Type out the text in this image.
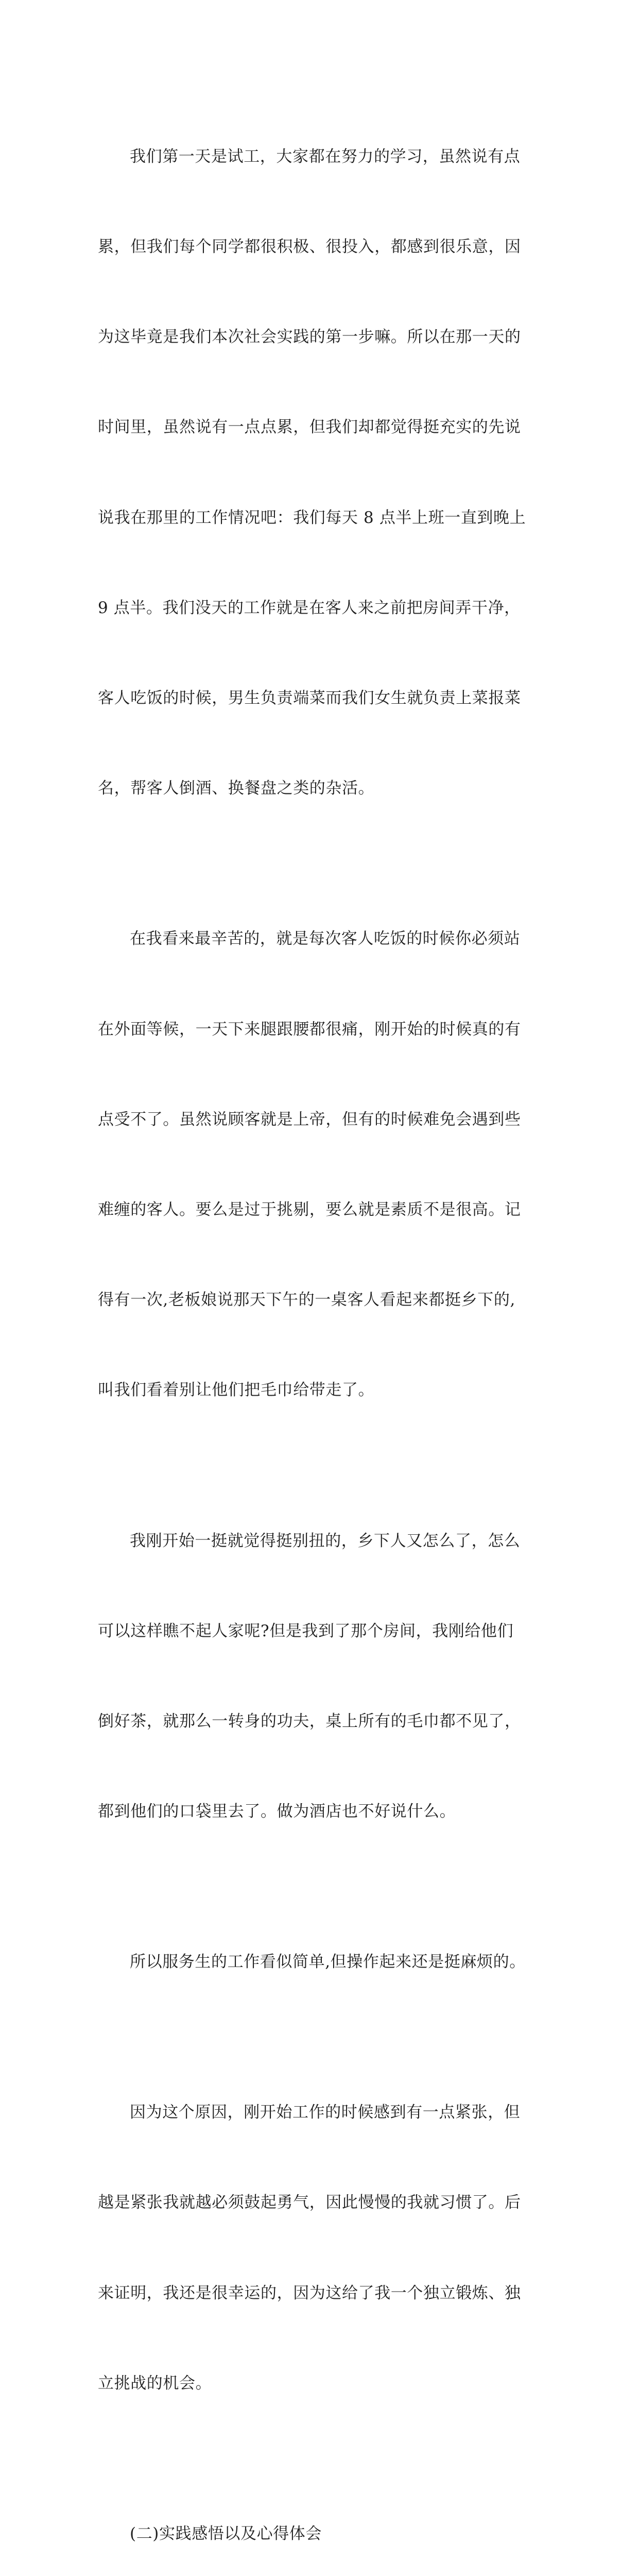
我们第一天是试工，大家都在努力的学习，虽然说有点

累，但我们每个同学都很积极、很投入，都感到很乐意，因

为这毕竟是我们本次社会实践的第一步嘛。所以在那一天的

时间里，虽然说有一点点累，但我们却都觉得挺充实的先说

说我在那里的工作情况吧：我们每天 8 点半上班一直到晚上

9 点半。我们没天的工作就是在客人来之前把房间弄干净，

客人吃饭的时候，男生负责端菜而我们女生就负责上菜报菜

名，帮客人倒酒、换餐盘之类的杂活。

在我看来最辛苦的，就是每次客人吃饭的时候你必须站

在外面等候，一天下来腿跟腰都很痛，刚开始的时候真的有

点受不了。虽然说顾客就是上帝，但有的时候难免会遇到些

难缠的客人。要么是过于挑剔，要么就是素质不是很高。记

得有一次,老板娘说那天下午的一桌客人看起来都挺乡下的,

叫我们看着别让他们把毛巾给带走了。

我刚开始一挺就觉得挺别扭的，乡下人又怎么了，怎么

可以这样瞧不起人家呢?但是我到了那个房间，我刚给他们

倒好茶，就那么一转身的功夫，桌上所有的毛巾都不见了，

都到他们的口袋里去了。做为酒店也不好说什么。

所以服务生的工作看似简单,但操作起来还是挺麻烦的。

因为这个原因，刚开始工作的时候感到有一点紧张，但

越是紧张我就越必须鼓起勇气，因此慢慢的我就习惯了。后

来证明，我还是很幸运的，因为这给了我一个独立锻炼、独

立挑战的机会。

(二)实践感悟以及心得体会
